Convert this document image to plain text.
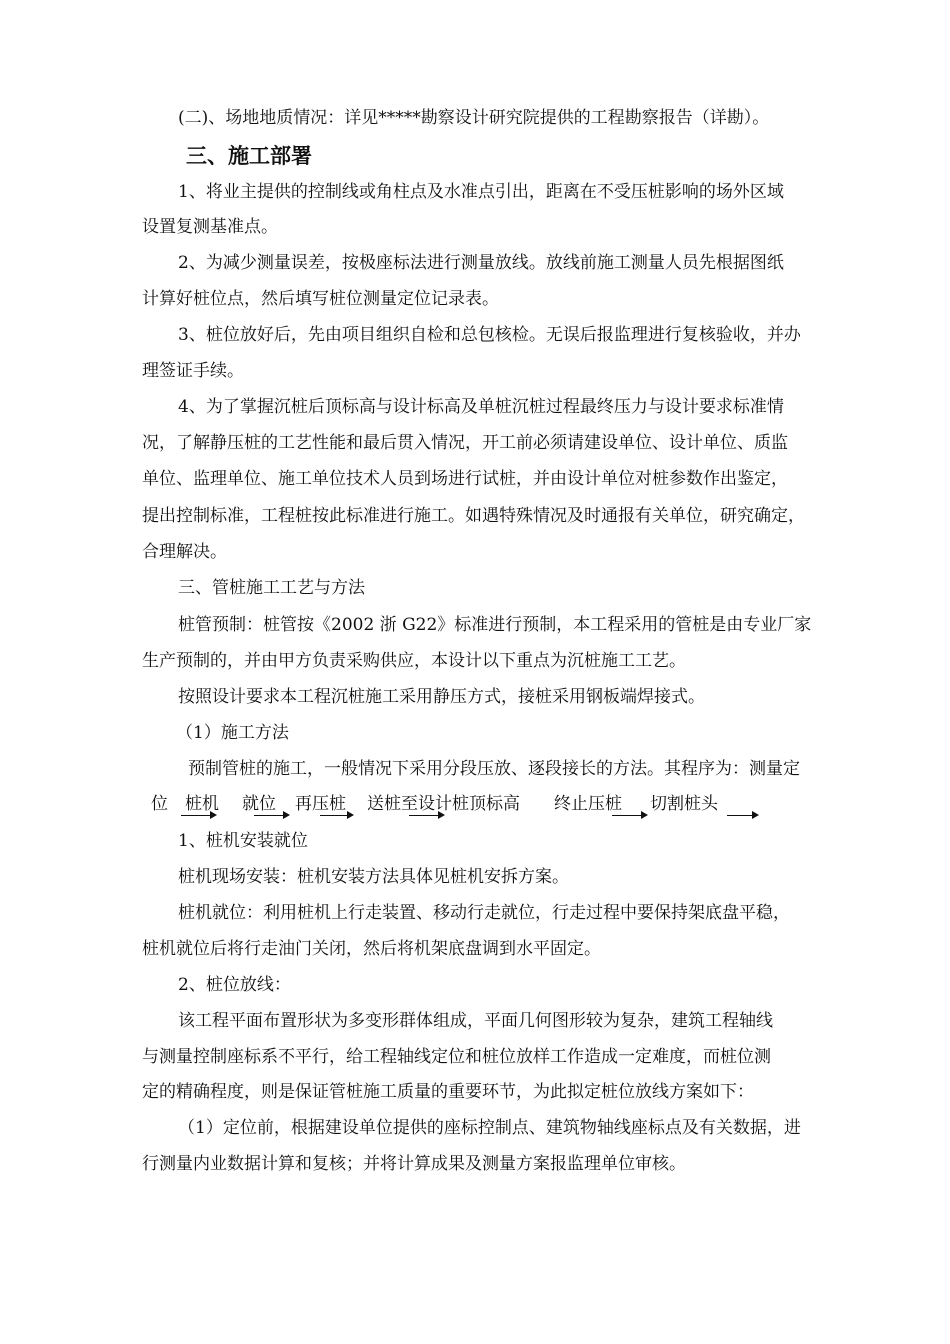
(二)、场地地质情况：详见*****勘察设计研究院提供的工程勘察报告（详勘）。
三、施工部署
1、将业主提供的控制线或角柱点及水准点引出，距离在不受压桩影响的场外区域
设置复测基准点。
2、为减少测量误差，按极座标法进行测量放线。放线前施工测量人员先根据图纸
计算好桩位点，然后填写桩位测量定位记录表。
3、桩位放好后，先由项目组织自检和总包核检。无误后报监理进行复核验收，并办
理签证手续。
4、为了掌握沉桩后顶标高与设计标高及单桩沉桩过程最终压力与设计要求标准情
况，了解静压桩的工艺性能和最后贯入情况，开工前必须请建设单位、设计单位、质监
单位、监理单位、施工单位技术人员到场进行试桩，并由设计单位对桩参数作出鉴定，
提出控制标准，工程桩按此标准进行施工。如遇特殊情况及时通报有关单位，研究确定，
合理解决。
三、管桩施工工艺与方法
桩管预制：桩管按《2002 浙 G22》标准进行预制，本工程采用的管桩是由专业厂家
生产预制的，并由甲方负责采购供应，本设计以下重点为沉桩施工工艺。
按照设计要求本工程沉桩施工采用静压方式，接桩采用钢板端焊接式。
（1）施工方法
预制管桩的施工，一般情况下采用分段压放、逐段接长的方法。其程序为：测量定
位 桩机 就位 再压桩 送桩至设计桩顶标高 终止压桩 切割桩头
1、桩机安装就位
桩机现场安装：桩机安装方法具体见桩机安拆方案。
桩机就位：利用桩机上行走装置、移动行走就位，行走过程中要保持架底盘平稳，
桩机就位后将行走油门关闭，然后将机架底盘调到水平固定。
2、桩位放线：
该工程平面布置形状为多变形群体组成，平面几何图形较为复杂，建筑工程轴线
与测量控制座标系不平行，给工程轴线定位和桩位放样工作造成一定难度，而桩位测
定的精确程度，则是保证管桩施工质量的重要环节，为此拟定桩位放线方案如下：
（1）定位前，根据建设单位提供的座标控制点、建筑物轴线座标点及有关数据，进
行测量内业数据计算和复核；并将计算成果及测量方案报监理单位审核。
